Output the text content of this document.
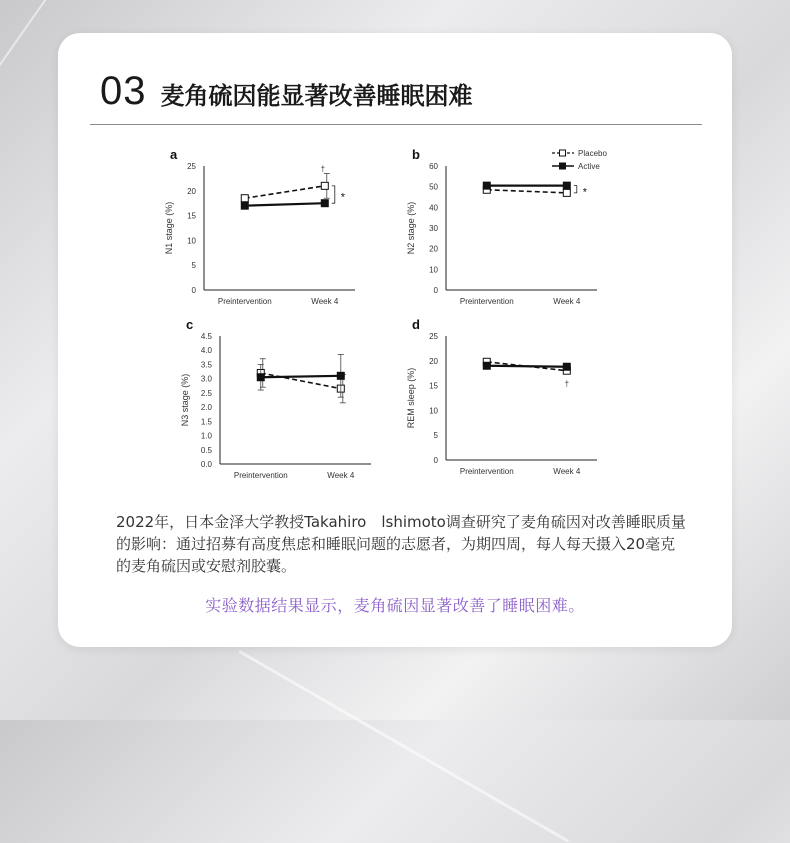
03 麦角硫因能显著改善睡眠困难
a
0
5
10
15
20
25
N1 stage (%)
Preintervention	Week 4
*
†
b
0
10
20
30
40
50
60
N2 stage (%)
Preintervention	Week 4
*
c
0.0
0.5
1.0
1.5
2.0
2.5
3.0
3.5
4.0
4.5
N3 stage (%)
Preintervention	Week 4
d
0
5
10
15
20
25
REM sleep (%)
Preintervention	Week 4
†
Placebo
Active
2022年，日本金泽大学教授Takahiro　lshimoto调查研究了麦角硫因对改善睡眠质量的影响：通过招募有高度焦虑和睡眠问题的志愿者，为期四周，每人每天摄入20毫克的麦角硫因或安慰剂胶囊。
实验数据结果显示，麦角硫因显著改善了睡眠困难。
